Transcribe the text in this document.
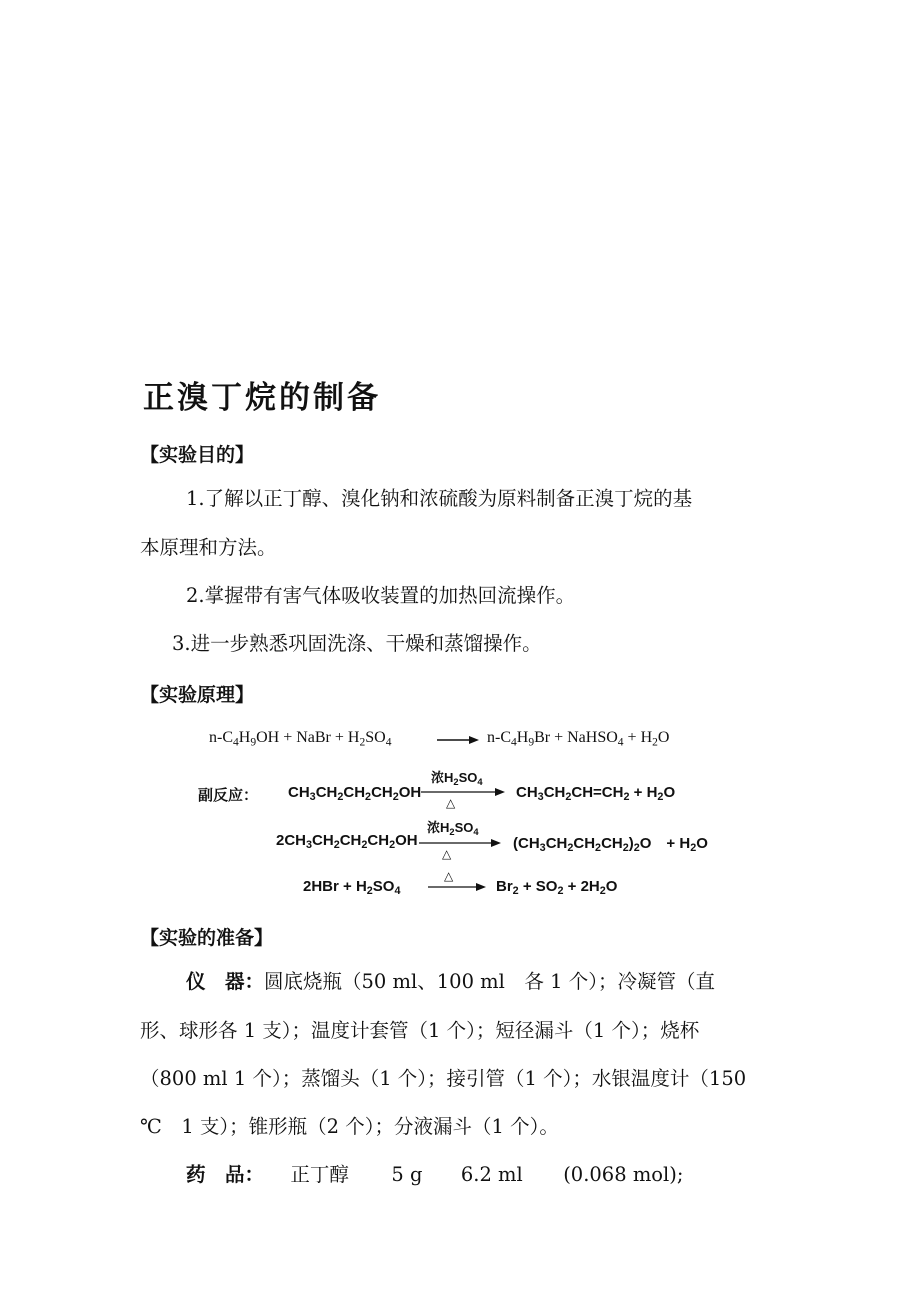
正溴丁烷的制备
【实验目的】
1.了解以正丁醇、溴化钠和浓硫酸为原料制备正溴丁烷的基
本原理和方法。
2.掌握带有害气体吸收装置的加热回流操作。
3.进一步熟悉巩固洗涤、干燥和蒸馏操作。
【实验原理】
$n-C_4H_9OH$ + NaBr + $H_2SO_4$	$n-C_4H_9Br$ + NaHSO$_4$ + $H_2O$
副反应： $CH_3CH_2CH_2CH_2OH$
浓$H_2SO_4$
△
$CH_3CH_2CH=CH_2 + H_2O$
$2CH_3CH_2CH_2CH_2OH$
浓$H_2SO_4$
△
$(CH_3CH_2CH_2CH_2)_2O$　+ $H_2O$
$2HBr + H_2SO_4$
△
$Br_2 + SO_2 + 2H_2O$
【实验的准备】
仪　器：圆底烧瓶（50 ml、100 ml　各 1 个）；冷凝管（直
形、球形各 1 支）；温度计套管（1 个）；短径漏斗（1 个）；烧杯
（800 ml 1 个）；蒸馏头（1 个）；接引管（1 个）；水银温度计（150
℃　1 支）；锥形瓶（2 个）；分液漏斗（1 个）。
药　品： 正丁醇 5 g 6.2 ml (0.068 mol);
